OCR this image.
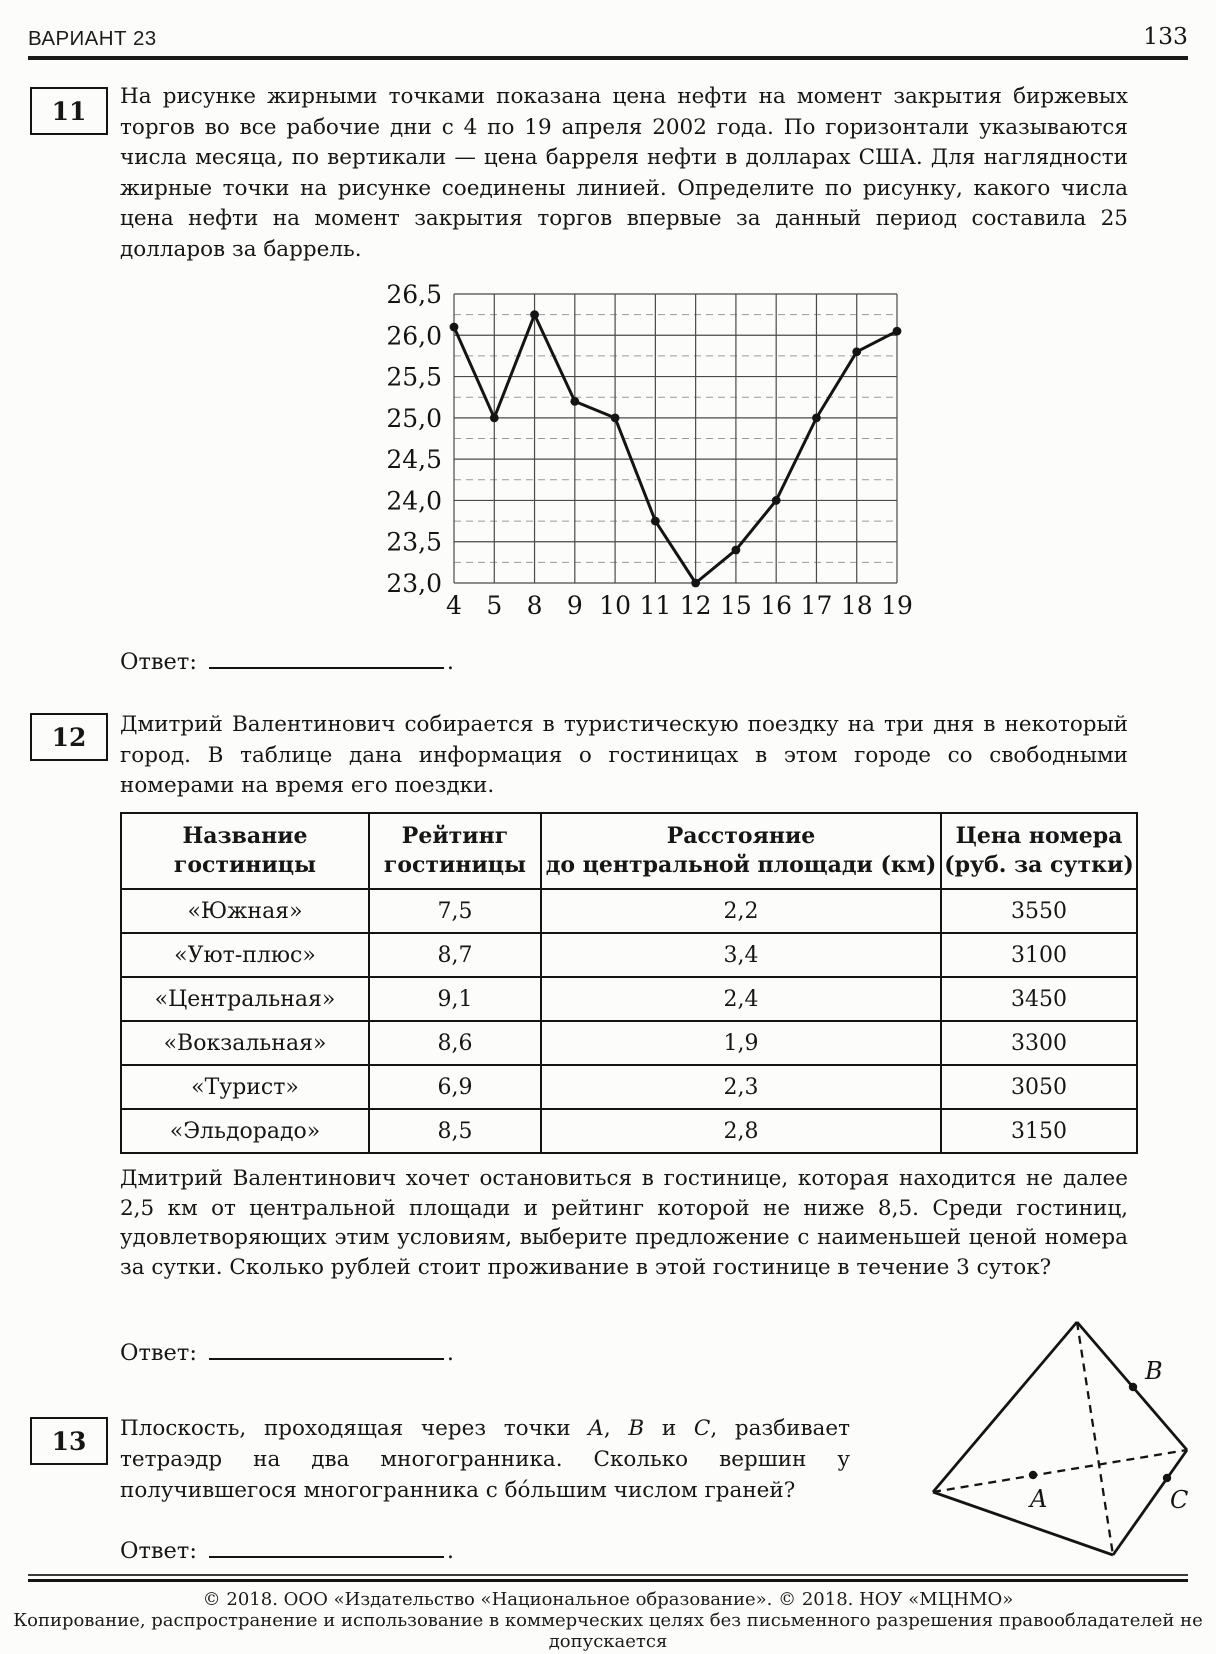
ВАРИАНТ 23	133
11 На рисунке жирными точками показана цена нефти на момент закрытия биржевых торгов во все рабочие дни с 4 по 19 апреля 2002 года. По горизонтали указываются числа месяца, по вертикали — цена барреля нефти в долларах США. Для наглядности жирные точки на рисунке соединены линией. Определите по рисунку, какого числа цена нефти на момент закрытия торгов впервые за данный период составила 25 долларов за баррель.

23,0
23,5
24,0
24,5
25,0
25,5
26,0
26,5
4 5 8 9 10 11 12 15 16 17 18 19
Ответ:	.
12 Дмитрий Валентинович собирается в туристическую поездку на три дня в некоторый город. В таблице дана информация о гостиницах в этом городе со свободными номерами на время его поездки.

Название
гостиницы

Рейтинг
гостиницы

Расстояние
до центральной площади (км)

Цена номера
(руб. за сутки)

«Южная»	7,5	2,2	3550
«Уют-плюс»	8,7	3,4	3100
«Центральная»	9,1	2,4	3450
«Вокзальная»	8,6	1,9	3300
«Турист»	6,9	2,3	3050
«Эльдорадо»	8,5	2,8	3150

Дмитрий Валентинович хочет остановиться в гостинице, которая находится не далее 2,5 км от центральной площади и рейтинг которой не ниже 8,5. Среди гостиниц, удовлетворяющих этим условиям, выберите предложение с наименьшей ценой номера за сутки. Сколько рублей стоит проживание в этой гостинице в течение 3 суток?

Ответ:	.
13 Плоскость, проходящая через точки A, B и C, разбивает тетраэдр на два многогранника. Сколько вершин у получившегося многогранника с бо́льшим числом граней?	A
B
C
Ответ:	.
© 2018. ООО «Издательство «Национальное образование». © 2018. НОУ «МЦНМО»
Копирование, распространение и использование в коммерческих целях без письменного разрешения правообладателей не допускается
